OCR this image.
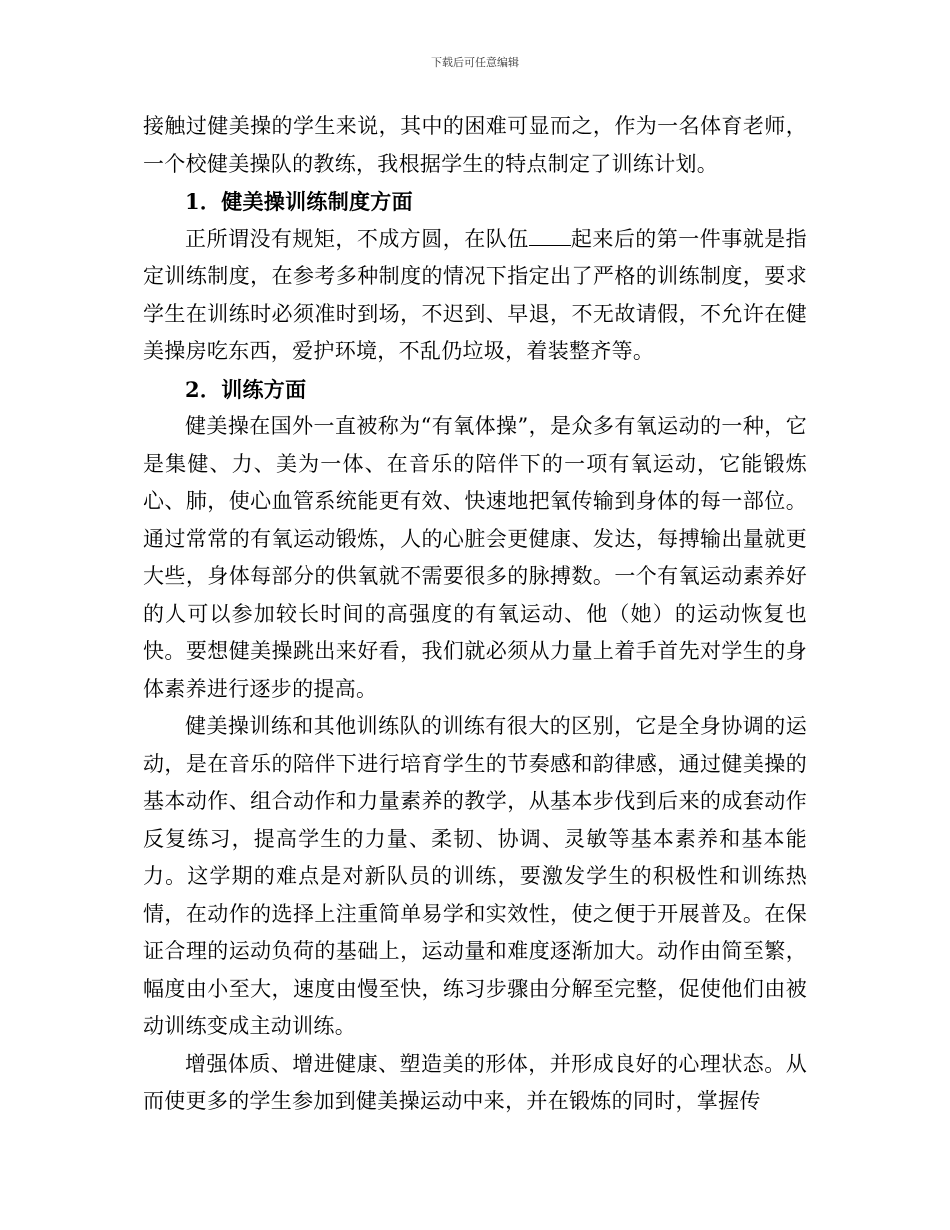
下载后可任意编辑

接触过健美操的学生来说，其中的困难可显而之，作为一名体育老师，一个校健美操队的教练，我根据学生的特点制定了训练计划。

1．健美操训练制度方面

正所谓没有规矩，不成方圆，在队伍 起来后的第一件事就是指定训练制度，在参考多种制度的情况下指定出了严格的训练制度，要求学生在训练时必须准时到场，不迟到、早退，不无故请假，不允许在健美操房吃东西，爱护环境，不乱仍垃圾，着装整齐等。

2．训练方面

健美操在国外一直被称为“有氧体操”，是众多有氧运动的一种，它是集健、力、美为一体、在音乐的陪伴下的一项有氧运动，它能锻炼心、肺，使心血管系统能更有效、快速地把氧传输到身体的每一部位。通过常常的有氧运动锻炼，人的心脏会更健康、发达，每搏输出量就更大些，身体每部分的供氧就不需要很多的脉搏数。一个有氧运动素养好的人可以参加较长时间的高强度的有氧运动、他（她）的运动恢复也快。要想健美操跳出来好看，我们就必须从力量上着手首先对学生的身体素养进行逐步的提高。

健美操训练和其他训练队的训练有很大的区别，它是全身协调的运动，是在音乐的陪伴下进行培育学生的节奏感和韵律感，通过健美操的基本动作、组合动作和力量素养的教学，从基本步伐到后来的成套动作反复练习，提高学生的力量、柔韧、协调、灵敏等基本素养和基本能力。这学期的难点是对新队员的训练，要激发学生的积极性和训练热情，在动作的选择上注重简单易学和实效性，使之便于开展普及。在保证合理的运动负荷的基础上，运动量和难度逐渐加大。动作由简至繁，幅度由小至大，速度由慢至快，练习步骤由分解至完整，促使他们由被动训练变成主动训练。

增强体质、增进健康、塑造美的形体，并形成良好的心理状态。从而使更多的学生参加到健美操运动中来，并在锻炼的同时，掌握传
